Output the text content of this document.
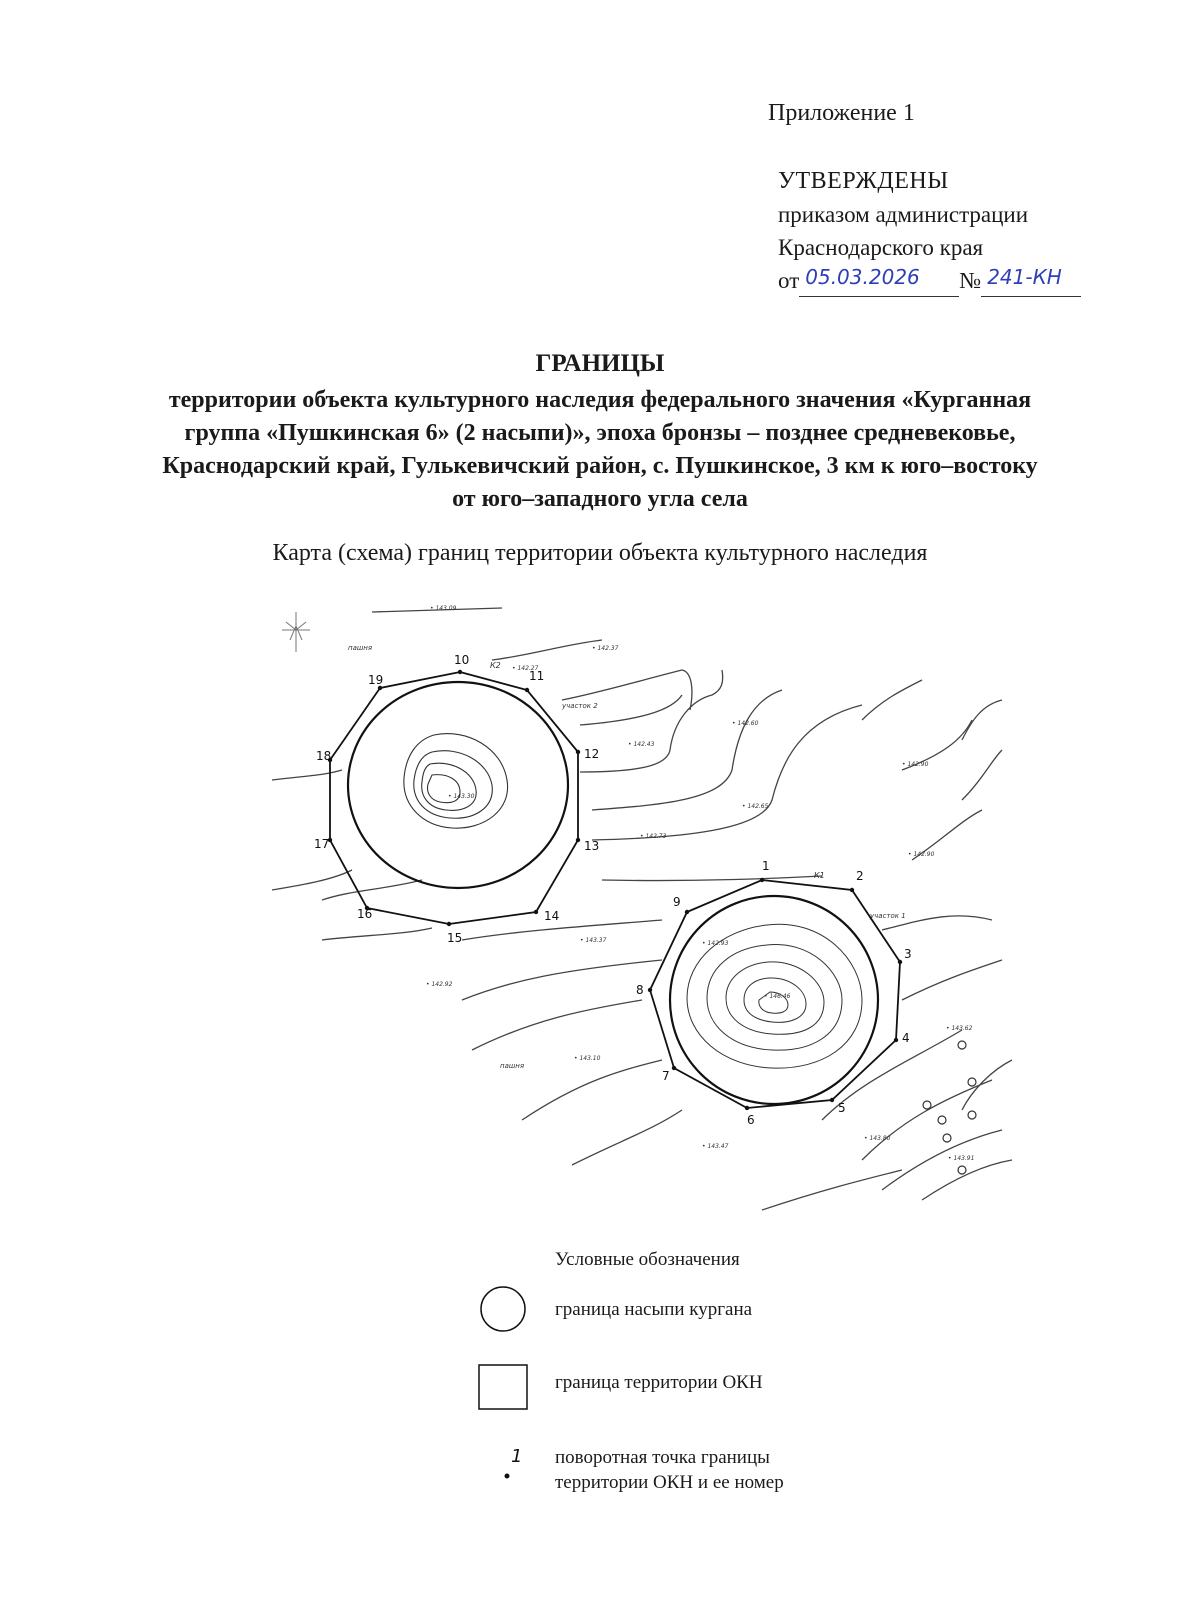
Приложение 1
УТВЕРЖДЕНЫ
приказом администрации
Краснодарского края
от 05.03.2026 № 241-КН
ГРАНИЦЫ
территории объекта культурного наследия федерального значения «Курганная группа «Пушкинская 6» (2 насыпи)», эпоха бронзы – позднее средневековье, Краснодарский край, Гулькевичский район, с. Пушкинское, 3 км к юго–востоку от юго–западного угла села
Карта (схема) границ территории объекта культурного наследия
1
2
3
4
5
6
7
8
9
10
11
12
13
14
15
16
17
18
19
пашня
пашня
участок 2
участок 1
К2
К1
• 143.09
• 142.37
• 142.27
• 142.60
• 142.43
• 142.90
• 142.65
• 142.73
• 142.90
• 143.37	• 142.93
• 142.92
• 143.10
• 143.47
• 143.80
• 143.91
• 143.62
• 143.30
• 146.46
Условные обозначения
граница насыпи кургана
граница территории ОКН
1 поворотная точка границы
территории ОКН и ее номер
